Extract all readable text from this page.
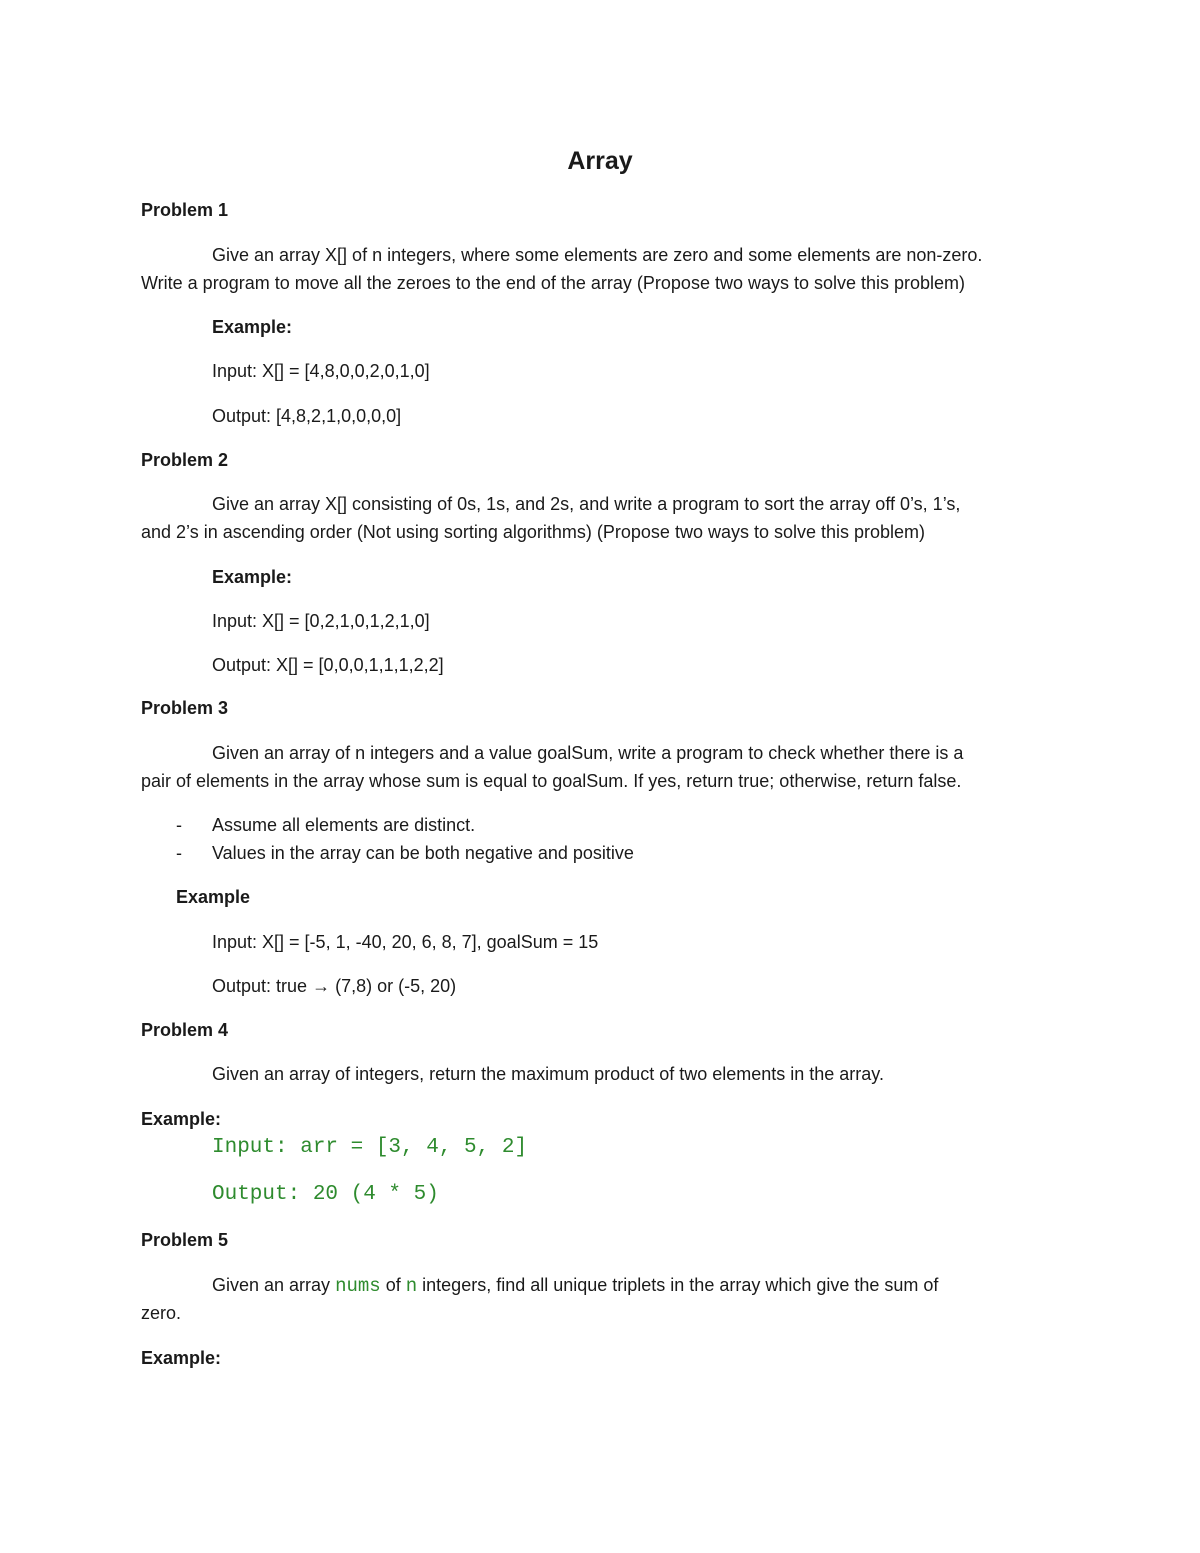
Array
Problem 1
Give an array X[] of n integers, where some elements are zero and some elements are non-zero.
Write a program to move all the zeroes to the end of the array (Propose two ways to solve this problem)
Example:
Input: X[] = [4,8,0,0,2,0,1,0]
Output: [4,8,2,1,0,0,0,0]
Problem 2
Give an array X[] consisting of 0s, 1s, and 2s, and write a program to sort the array off 0’s, 1’s,
and 2’s in ascending order (Not using sorting algorithms) (Propose two ways to solve this problem)
Example:
Input: X[] = [0,2,1,0,1,2,1,0]
Output: X[] = [0,0,0,1,1,1,2,2]
Problem 3
Given an array of n integers and a value goalSum, write a program to check whether there is a
pair of elements in the array whose sum is equal to goalSum. If yes, return true; otherwise, return false.
- Assume all elements are distinct.
- Values in the array can be both negative and positive
Example
Input: X[] = [-5, 1, -40, 20, 6, 8, 7], goalSum = 15
Output: true → (7,8) or (-5, 20)
Problem 4
Given an array of integers, return the maximum product of two elements in the array.
Example:
Input: arr = [3, 4, 5, 2]
Output: 20 (4 * 5)
Problem 5
Given an array nums of n integers, find all unique triplets in the array which give the sum of
zero.
Example:
